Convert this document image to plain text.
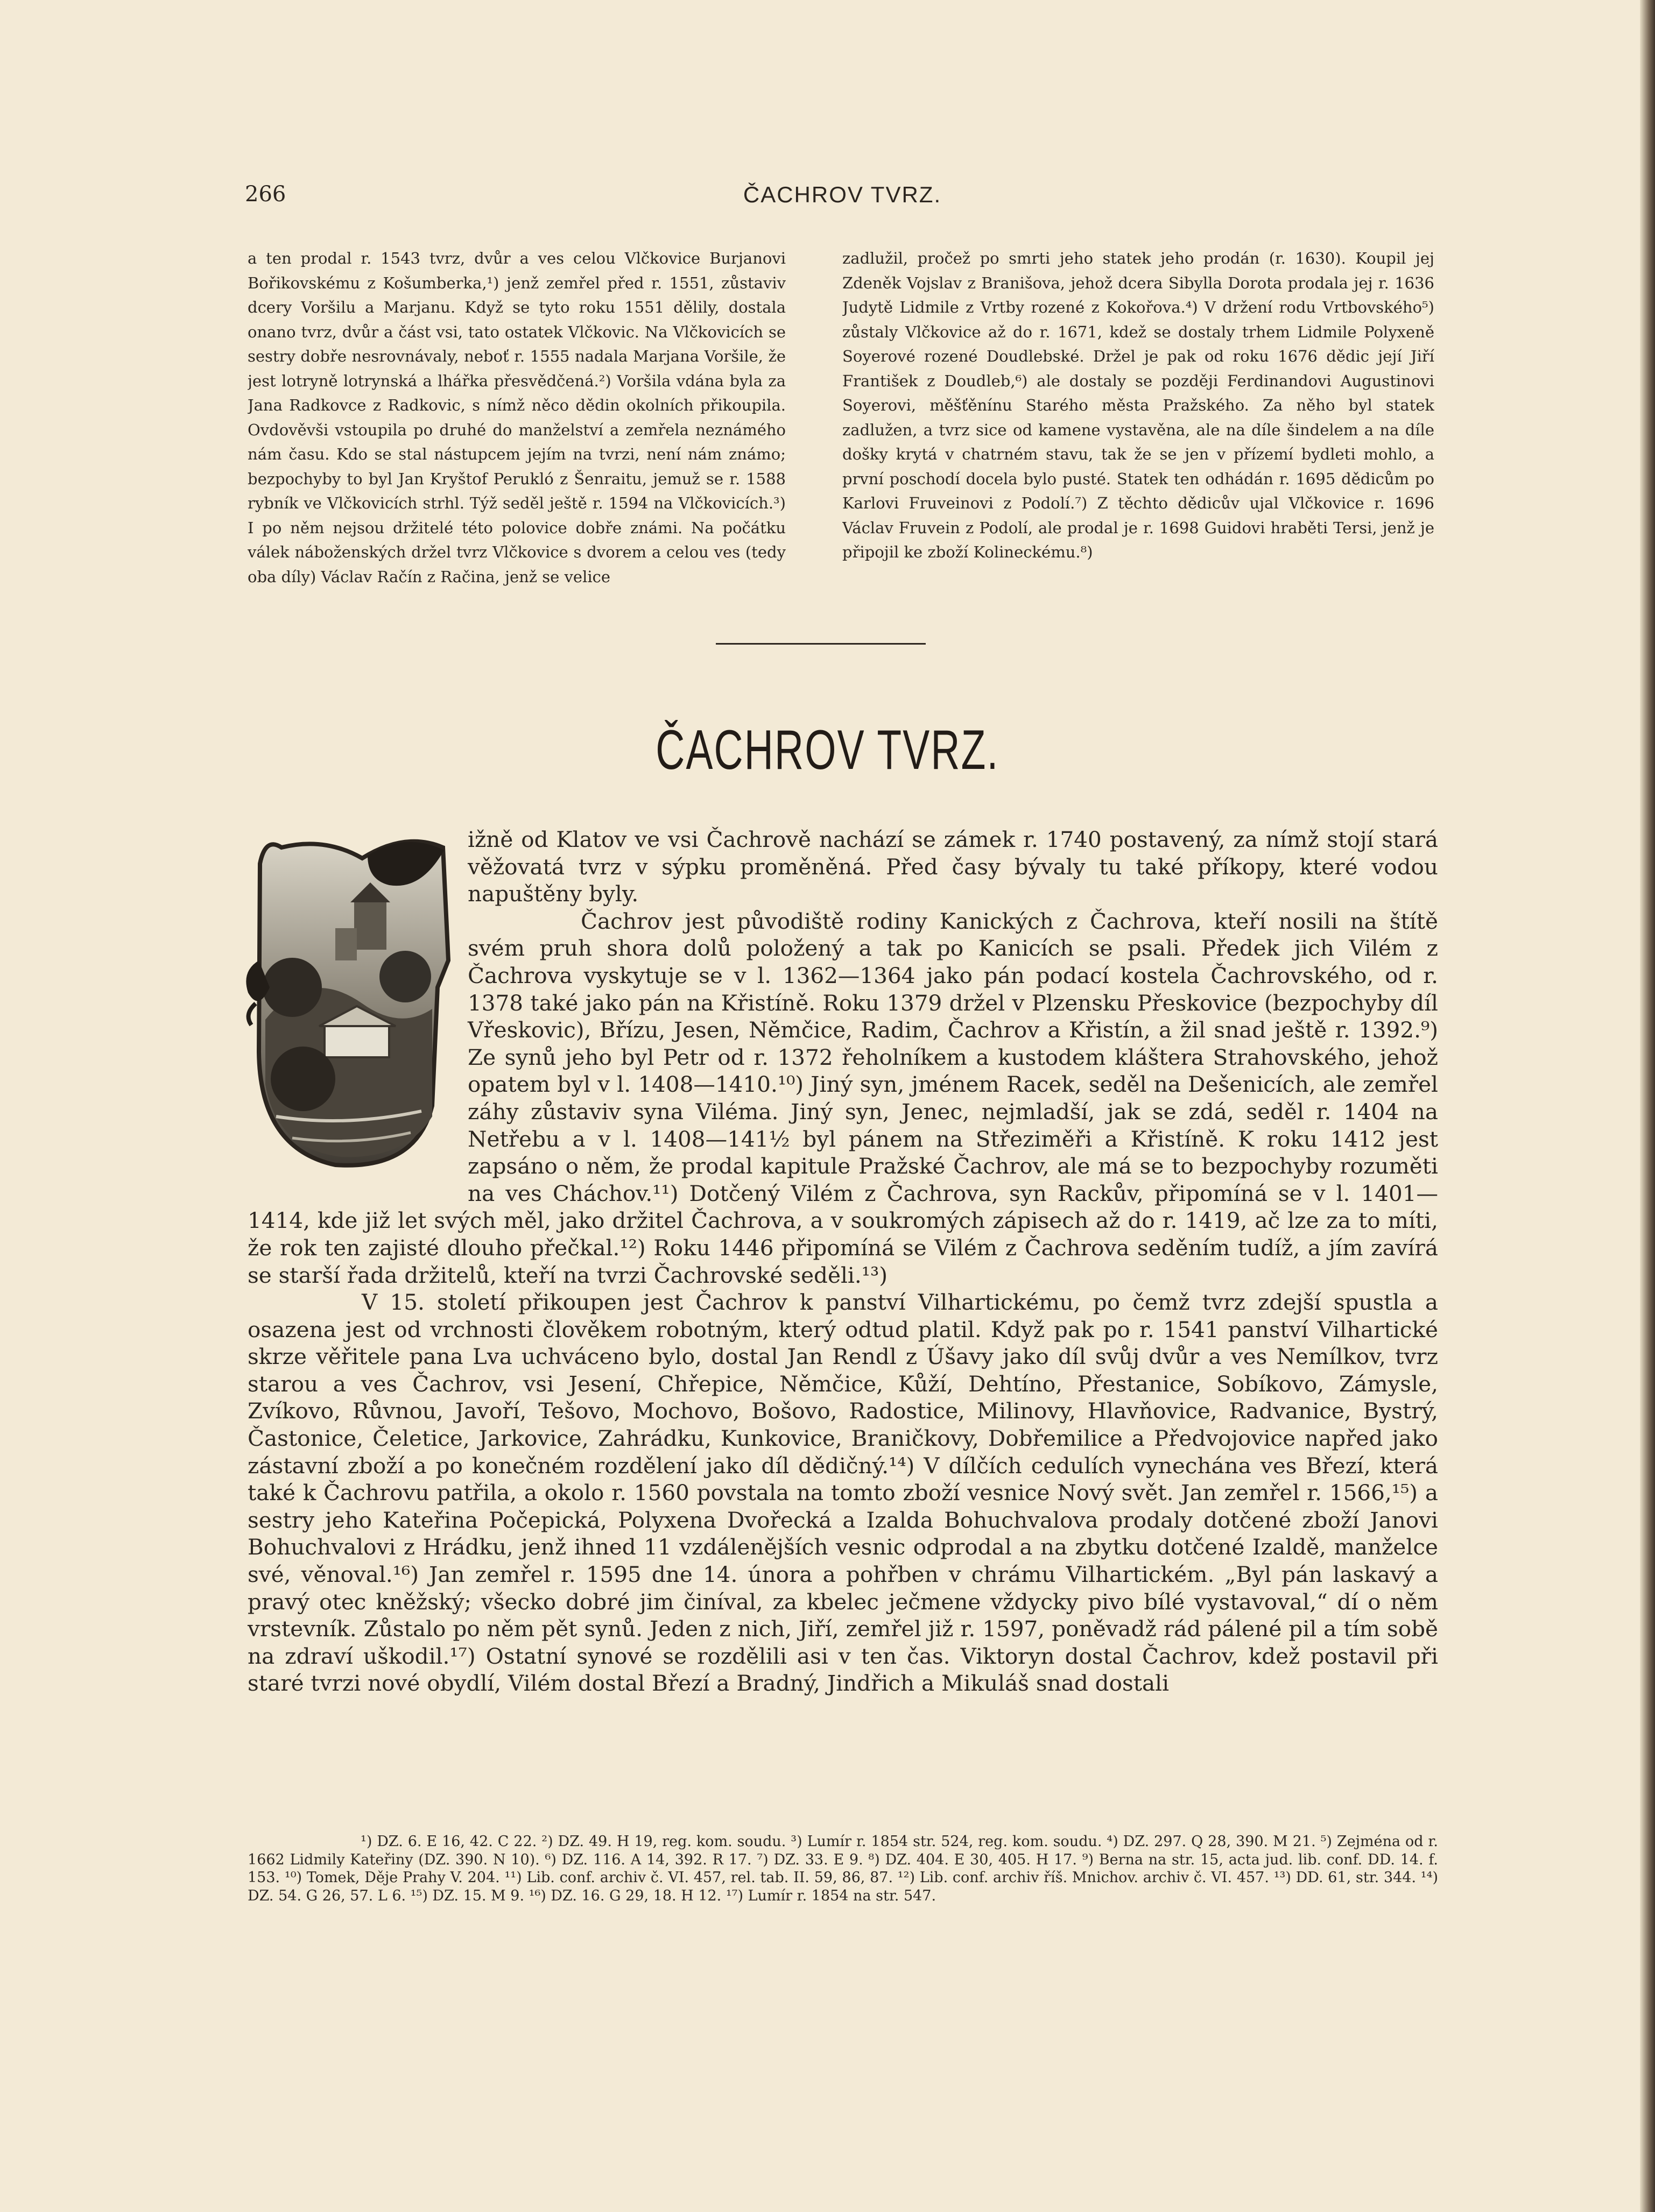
266	ČACHROV TVRZ.

a ten prodal r. 1543 tvrz, dvůr a ves celou Vlčkovice Burjanovi Bořikovskému z Košumberka,¹) jenž zemřel před r. 1551, zůstaviv dcery Voršilu a Marjanu. Když se tyto roku 1551 dělily, dostala onano tvrz, dvůr a část vsi, tato ostatek Vlčkovic. Na Vlčkovicích se sestry dobře nesrovnávaly, neboť r. 1555 nadala Marjana Voršile, že jest lotryně lotrynská a lhářka přesvědčená.²) Voršila vdána byla za Jana Radkovce z Radkovic, s nímž něco dědin okolních přikoupila. Ovdověvši vstoupila po druhé do manželství a zemřela neznámého nám času. Kdo se stal nástupcem jejím na tvrzi, není nám známo; bezpochyby to byl Jan Kryštof Perukló z Šenraitu, jemuž se r. 1588 rybník ve Vlčkovicích strhl. Týž seděl ještě r. 1594 na Vlčkovicích.³) I po něm nejsou držitelé této polovice dobře známi. Na počátku válek náboženských držel tvrz Vlčkovice s dvorem a celou ves (tedy oba díly) Václav Račín z Račina, jenž se velice

zadlužil, pročež po smrti jeho statek jeho prodán (r. 1630). Koupil jej Zdeněk Vojslav z Branišova, jehož dcera Sibylla Dorota prodala jej r. 1636 Judytě Lidmile z Vrtby rozené z Kokořova.⁴) V držení rodu Vrtbovského⁵) zůstaly Vlčkovice až do r. 1671, kdež se dostaly trhem Lidmile Polyxeně Soyerové rozené Doudlebské. Držel je pak od roku 1676 dědic její Jiří František z Doudleb,⁶) ale dostaly se později Ferdinandovi Augustinovi Soyerovi, měšťěnínu Starého města Pražského. Za něho byl statek zadlužen, a tvrz sice od kamene vystavěna, ale na díle šindelem a na díle došky krytá v chatrném stavu, tak že se jen v přízemí bydleti mohlo, a první poschodí docela bylo pusté. Statek ten odhádán r. 1695 dědicům po Karlovi Fruveinovi z Podolí.⁷) Z těchto dědicův ujal Vlčkovice r. 1696 Václav Fruvein z Podolí, ale prodal je r. 1698 Guidovi hraběti Tersi, jenž je připojil ke zboží Kolineckému.⁸)

ČACHROV TVRZ.

ižně od Klatov ve vsi Čachrově nachází se zámek r. 1740 postavený, za nímž stojí stará věžovatá tvrz v sýpku proměněná. Před časy bývaly tu také příkopy, které vodou napuštěny byly.

Čachrov jest původiště rodiny Kanických z Čachrova, kteří nosili na štítě svém pruh shora dolů položený a tak po Kanicích se psali. Předek jich Vilém z Čachrova vyskytuje se v l. 1362—1364 jako pán podací kostela Čachrovského, od r. 1378 také jako pán na Křistíně. Roku 1379 držel v Plzensku Přeskovice (bezpochyby díl Vřeskovic), Břízu, Jesen, Němčice, Radim, Čachrov a Křistín, a žil snad ještě r. 1392.⁹) Ze synů jeho byl Petr od r. 1372 řeholníkem a kustodem kláštera Strahovského, jehož opatem byl v l. 1408—1410.¹⁰) Jiný syn, jménem Racek, seděl na Dešenicích, ale zemřel záhy zůstaviv syna Viléma. Jiný syn, Jenec, nejmladší, jak se zdá, seděl r. 1404 na Netřebu a v l. 1408—141½ byl pánem na Střeziměři a Křistíně. K roku 1412 jest zapsáno o něm, že prodal kapitule Pražské Čachrov, ale má se to bezpochyby rozuměti na ves Cháchov.¹¹) Dotčený Vilém z Čachrova, syn Rackův, připomíná se v l. 1401—1414, kde již let svých měl, jako držitel Čachrova, a v soukromých zápisech až do r. 1419, ač lze za to míti, že rok ten zajisté dlouho přečkal.¹²) Roku 1446 připomíná se Vilém z Čachrova seděním tudíž, a jím zavírá se starší řada držitelů, kteří na tvrzi Čachrovské seděli.¹³)

V 15. století přikoupen jest Čachrov k panství Vilhartickému, po čemž tvrz zdejší spustla a osazena jest od vrchnosti člověkem robotným, který odtud platil. Když pak po r. 1541 panství Vilhartické skrze věřitele pana Lva uchváceno bylo, dostal Jan Rendl z Úšavy jako díl svůj dvůr a ves Nemílkov, tvrz starou a ves Čachrov, vsi Jesení, Chřepice, Němčice, Kůží, Dehtíno, Přestanice, Sobíkovo, Zámysle, Zvíkovo, Růvnou, Javoří, Tešovo, Mochovo, Bošovo, Radostice, Milinovy, Hlavňovice, Radvanice, Bystrý, Častonice, Čeletice, Jarkovice, Zahrádku, Kunkovice, Braničkovy, Dobřemilice a Předvojovice napřed jako zástavní zboží a po konečném rozdělení jako díl dědičný.¹⁴) V dílčích cedulích vynechána ves Březí, která také k Čachrovu patřila, a okolo r. 1560 povstala na tomto zboží vesnice Nový svět. Jan zemřel r. 1566,¹⁵) a sestry jeho Kateřina Počepická, Polyxena Dvořecká a Izalda Bohuchvalova prodaly dotčené zboží Janovi Bohuchvalovi z Hrádku, jenž ihned 11 vzdálenějších vesnic odprodal a na zbytku dotčené Izaldě, manželce své, věnoval.¹⁶) Jan zemřel r. 1595 dne 14. února a pohřben v chrámu Vilhartickém. „Byl pán laskavý a pravý otec kněžský; všecko dobré jim činíval, za kbelec ječmene vždycky pivo bílé vystavoval,“ dí o něm vrstevník. Zůstalo po něm pět synů. Jeden z nich, Jiří, zemřel již r. 1597, poněvadž rád pálené pil a tím sobě na zdraví uškodil.¹⁷) Ostatní synové se rozdělili asi v ten čas. Viktoryn dostal Čachrov, kdež postavil při staré tvrzi nové obydlí, Vilém dostal Březí a Bradný, Jindřich a Mikuláš snad dostali

¹) DZ. 6. E 16, 42. C 22. ²) DZ. 49. H 19, reg. kom. soudu. ³) Lumír r. 1854 str. 524, reg. kom. soudu. ⁴) DZ. 297. Q 28, 390. M 21. ⁵) Zejména od r. 1662 Lidmily Kateřiny (DZ. 390. N 10). ⁶) DZ. 116. A 14, 392. R 17. ⁷) DZ. 33. E 9. ⁸) DZ. 404. E 30, 405. H 17. ⁹) Berna na str. 15, acta jud. lib. conf. DD. 14. f. 153. ¹⁰) Tomek, Děje Prahy V. 204. ¹¹) Lib. conf. archiv č. VI. 457, rel. tab. II. 59, 86, 87. ¹²) Lib. conf. archiv říš. Mnichov. archiv č. VI. 457. ¹³) DD. 61, str. 344. ¹⁴) DZ. 54. G 26, 57. L 6. ¹⁵) DZ. 15. M 9. ¹⁶) DZ. 16. G 29, 18. H 12. ¹⁷) Lumír r. 1854 na str. 547.
